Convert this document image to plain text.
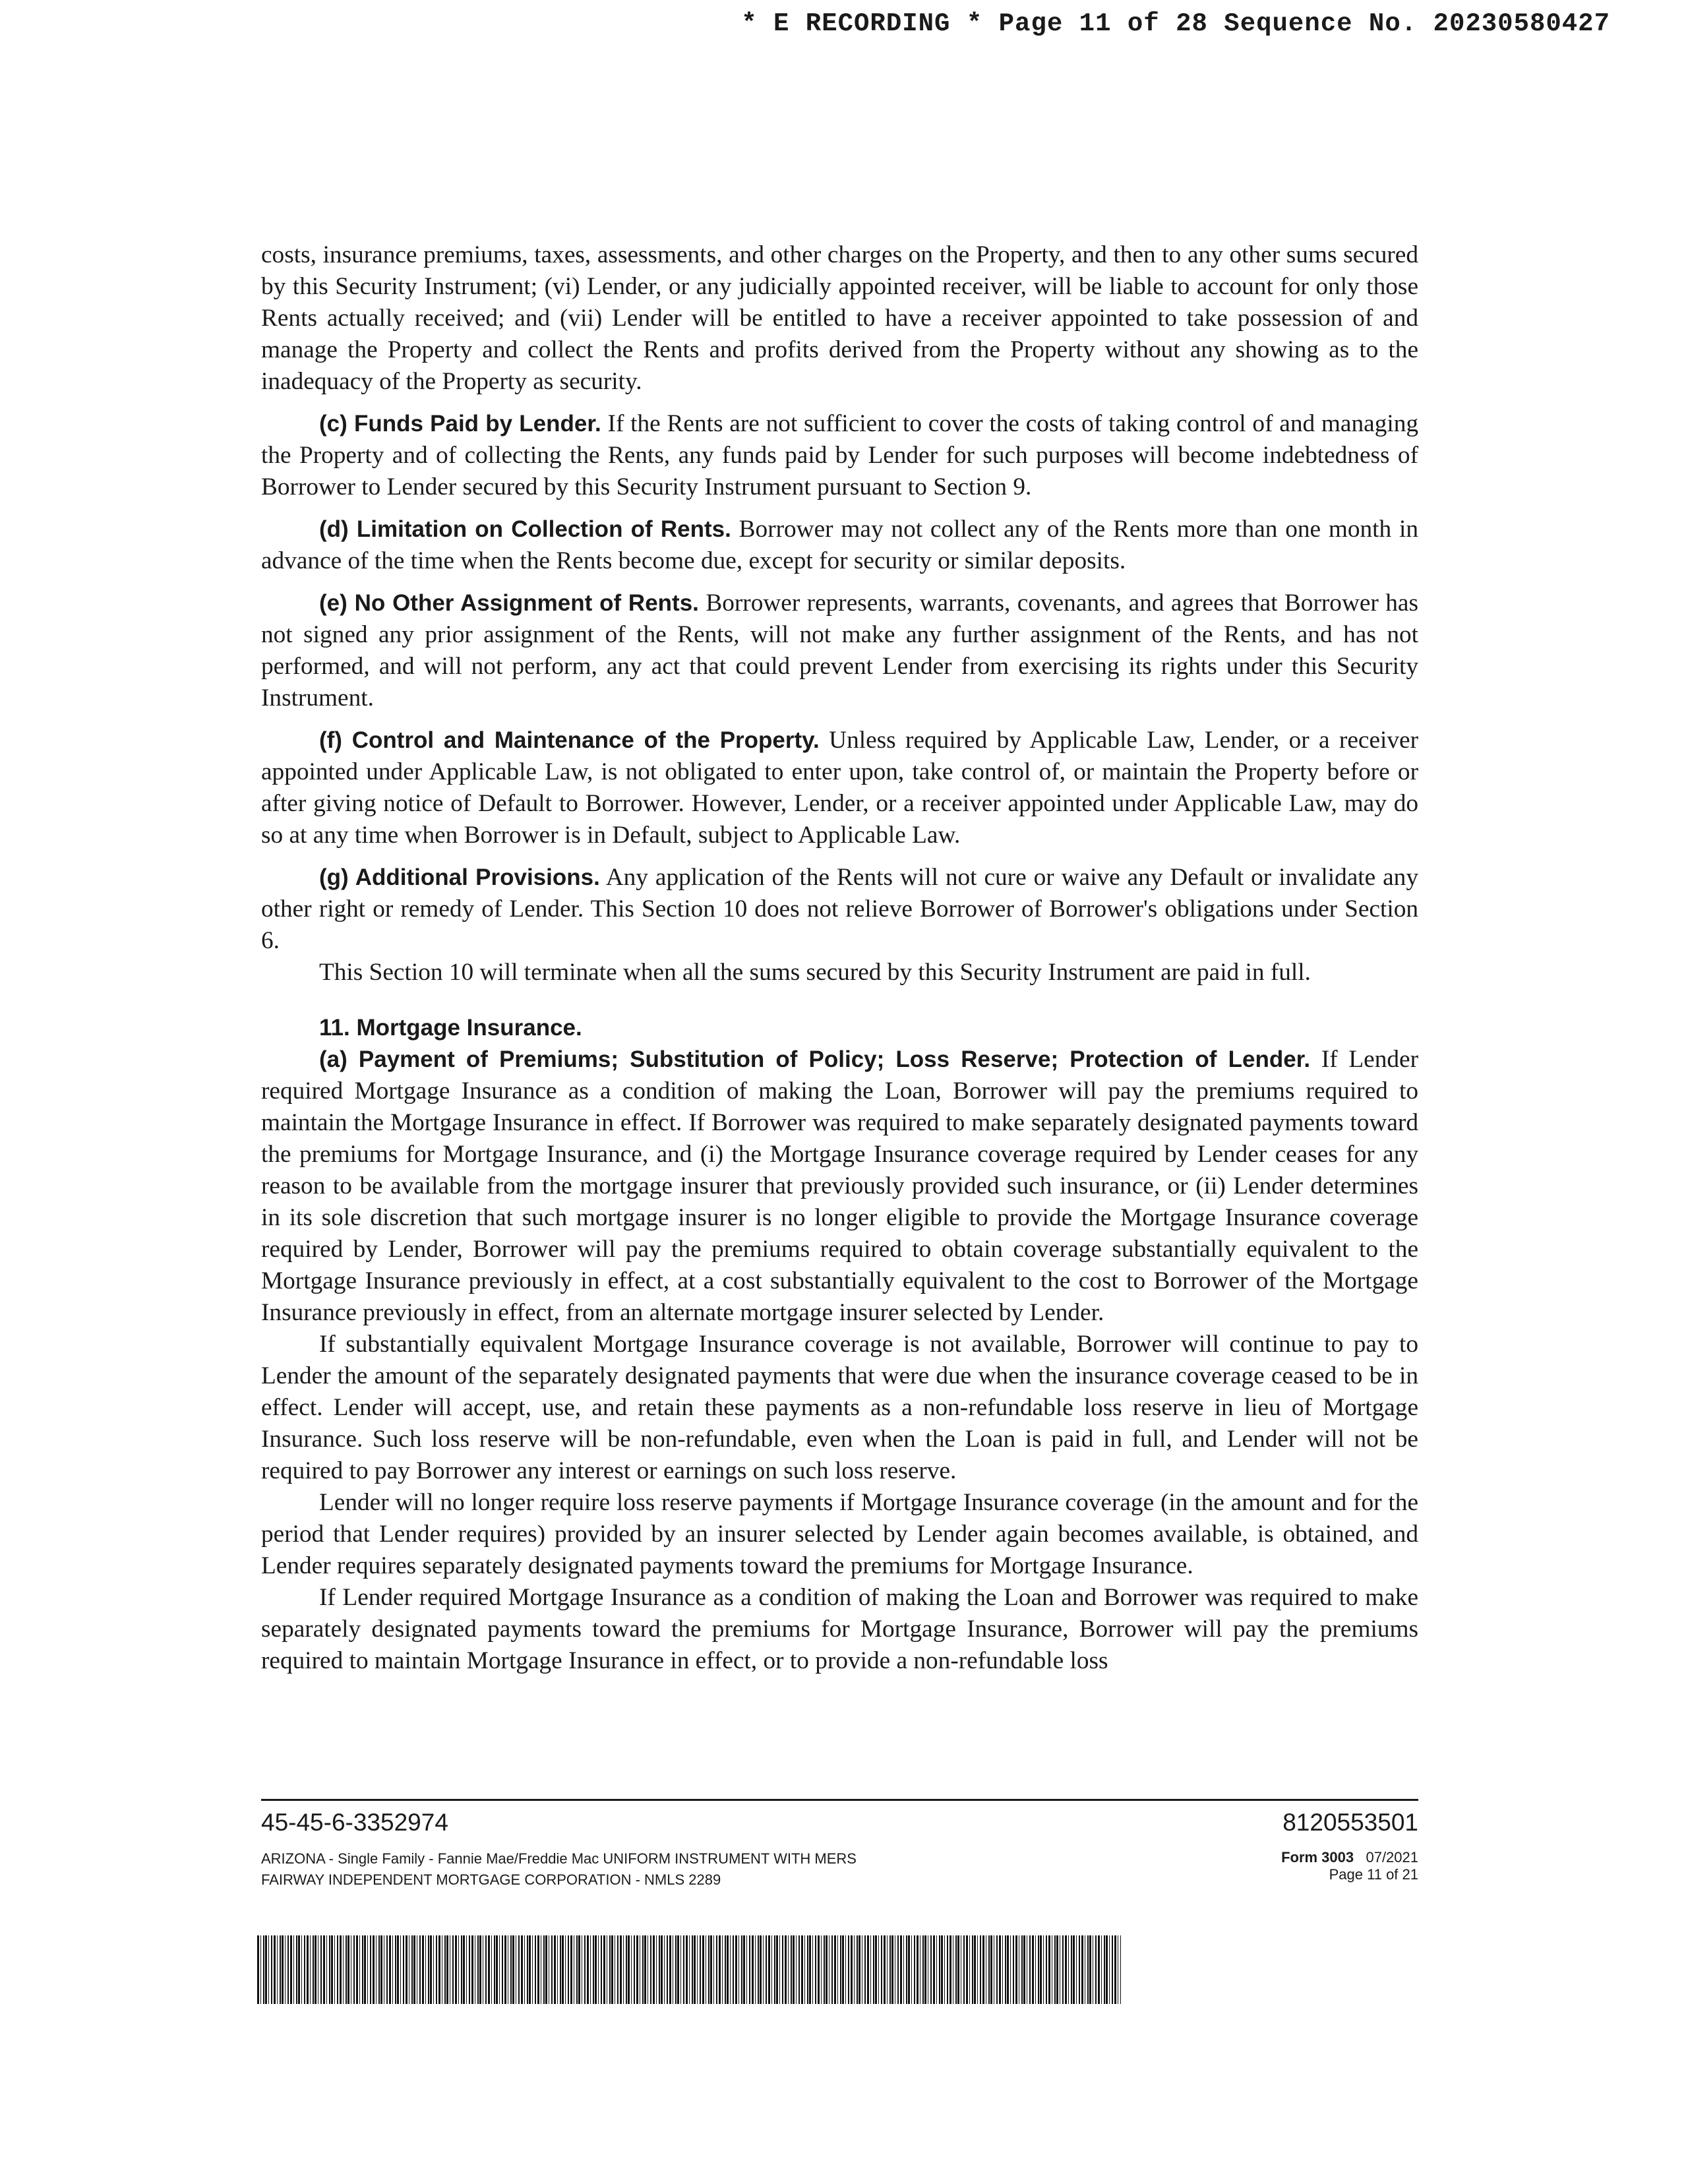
* E RECORDING * Page 11 of 28 Sequence No. 20230580427

costs, insurance premiums, taxes, assessments, and other charges on the Property, and then to any other sums secured by this Security Instrument; (vi) Lender, or any judicially appointed receiver, will be liable to account for only those Rents actually received; and (vii) Lender will be entitled to have a receiver appointed to take possession of and manage the Property and collect the Rents and profits derived from the Property without any showing as to the inadequacy of the Property as security.

(c) Funds Paid by Lender. If the Rents are not sufficient to cover the costs of taking control of and managing the Property and of collecting the Rents, any funds paid by Lender for such purposes will become indebtedness of Borrower to Lender secured by this Security Instrument pursuant to Section 9.

(d) Limitation on Collection of Rents. Borrower may not collect any of the Rents more than one month in advance of the time when the Rents become due, except for security or similar deposits.

(e) No Other Assignment of Rents. Borrower represents, warrants, covenants, and agrees that Borrower has not signed any prior assignment of the Rents, will not make any further assignment of the Rents, and has not performed, and will not perform, any act that could prevent Lender from exercising its rights under this Security Instrument.

(f) Control and Maintenance of the Property. Unless required by Applicable Law, Lender, or a receiver appointed under Applicable Law, is not obligated to enter upon, take control of, or maintain the Property before or after giving notice of Default to Borrower. However, Lender, or a receiver appointed under Applicable Law, may do so at any time when Borrower is in Default, subject to Applicable Law.

(g) Additional Provisions. Any application of the Rents will not cure or waive any Default or invalidate any other right or remedy of Lender. This Section 10 does not relieve Borrower of Borrower's obligations under Section 6.

This Section 10 will terminate when all the sums secured by this Security Instrument are paid in full.

11. Mortgage Insurance.

(a) Payment of Premiums; Substitution of Policy; Loss Reserve; Protection of Lender. If Lender required Mortgage Insurance as a condition of making the Loan, Borrower will pay the premiums required to maintain the Mortgage Insurance in effect. If Borrower was required to make separately designated payments toward the premiums for Mortgage Insurance, and (i) the Mortgage Insurance coverage required by Lender ceases for any reason to be available from the mortgage insurer that previously provided such insurance, or (ii) Lender determines in its sole discretion that such mortgage insurer is no longer eligible to provide the Mortgage Insurance coverage required by Lender, Borrower will pay the premiums required to obtain coverage substantially equivalent to the Mortgage Insurance previously in effect, at a cost substantially equivalent to the cost to Borrower of the Mortgage Insurance previously in effect, from an alternate mortgage insurer selected by Lender.

If substantially equivalent Mortgage Insurance coverage is not available, Borrower will continue to pay to Lender the amount of the separately designated payments that were due when the insurance coverage ceased to be in effect. Lender will accept, use, and retain these payments as a non-refundable loss reserve in lieu of Mortgage Insurance. Such loss reserve will be non-refundable, even when the Loan is paid in full, and Lender will not be required to pay Borrower any interest or earnings on such loss reserve.

Lender will no longer require loss reserve payments if Mortgage Insurance coverage (in the amount and for the period that Lender requires) provided by an insurer selected by Lender again becomes available, is obtained, and Lender requires separately designated payments toward the premiums for Mortgage Insurance.

If Lender required Mortgage Insurance as a condition of making the Loan and Borrower was required to make separately designated payments toward the premiums for Mortgage Insurance, Borrower will pay the premiums required to maintain Mortgage Insurance in effect, or to provide a non-refundable loss

45-45-6-3352974	8120553501
ARIZONA - Single Family - Fannie Mae/Freddie Mac UNIFORM INSTRUMENT WITH MERS
FAIRWAY INDEPENDENT MORTGAGE CORPORATION - NMLS 2289
Form 3003 07/2021
Page 11 of 21
